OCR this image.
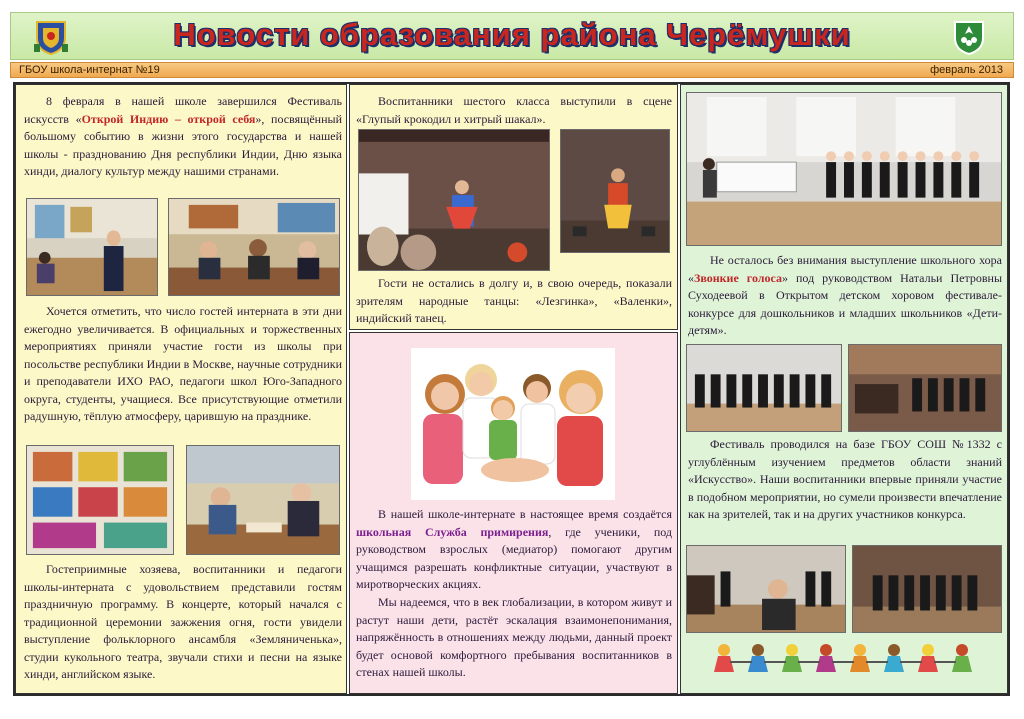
Новости образования района Черёмушки
ГБОУ школа-интернат №19	февраль 2013

8 февраля в нашей школе завершился Фестиваль искусств «Открой Индию – открой себя», посвящённый большому событию в жизни этого государства и нашей школы - празднованию Дня республики Индии, Дню языка хинди, диалогу культур между нашими странами.

Хочется отметить, что число гостей интерната в эти дни ежегодно увеличивается. В официальных и торжественных мероприятиях приняли участие гости из школы при посольстве республики Индии в Москве, научные сотрудники и преподаватели ИХО РАО, педагоги школ Юго-Западного округа, студенты, учащиеся. Все присутствующие отметили радушную, тёплую атмосферу, царившую на празднике.

Гостеприимные хозяева, воспитанники и педагоги школы-интерната с удовольствием представили гостям праздничную программу. В концерте, который начался с традиционной церемонии зажжения огня, гости увидели выступление фольклорного ансамбля «Земляниченька», студии кукольного театра, звучали стихи и песни на языке хинди, английском языке.

Воспитанники шестого класса выступили в сцене «Глупый крокодил и хитрый шакал».

Гости не остались в долгу и, в свою очередь, показали зрителям народные танцы: «Лезгинка», «Валенки», индийский танец.

В нашей школе-интернате в настоящее время создаётся школьная Служба примирения, где ученики, под руководством взрослых (медиатор) помогают другим учащимся разрешать конфликтные ситуации, участвуют в миротворческих акциях.

Мы надеемся, что в век глобализации, в котором живут и растут наши дети, растёт эскалация взаимонепонимания, напряжённость в отношениях между людьми, данный проект будет основой комфортного пребывания воспитанников в стенах нашей школы.

Не осталось без внимания выступление школьного хора «Звонкие голоса» под руководством Натальи Петровны Суходеевой в Открытом детском хоровом фестивале-конкурсе для дошкольников и младших школьников «Дети-детям».

Фестиваль проводился на базе ГБОУ СОШ №1332 с углублённым изучением предметов области знаний «Искусство». Наши воспитанники впервые приняли участие в подобном мероприятии, но сумели произвести впечатление как на зрителей, так и на других участников конкурса.
